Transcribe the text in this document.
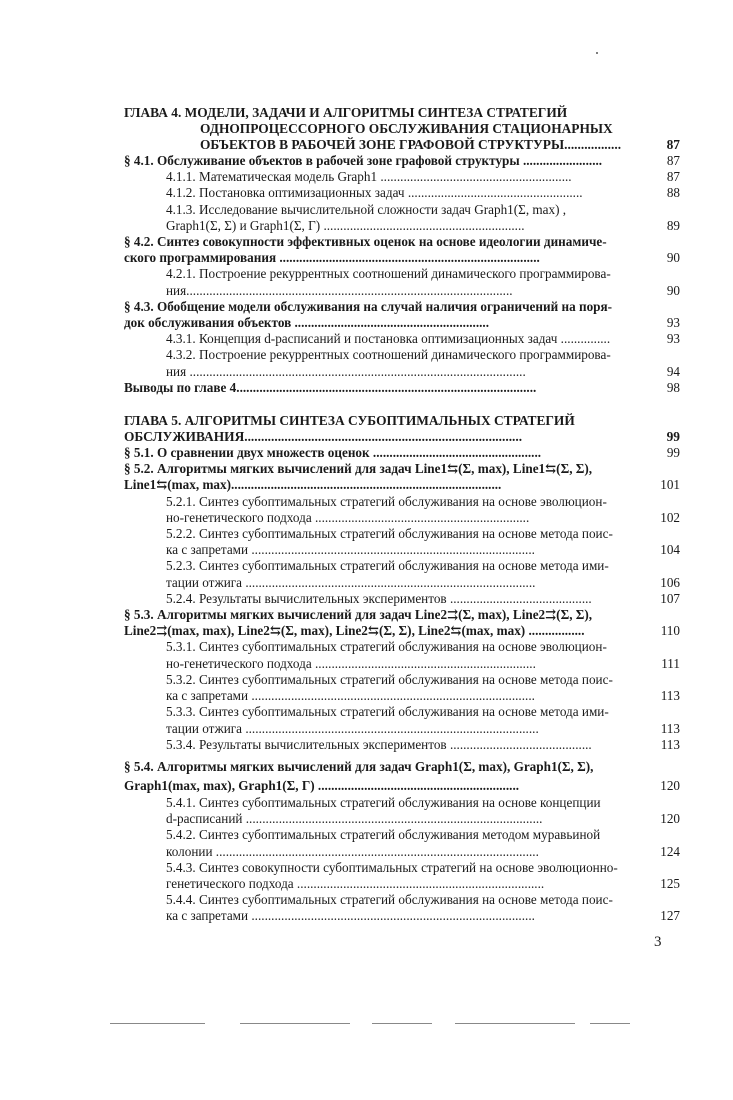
ГЛАВА 4. МОДЕЛИ, ЗАДАЧИ И АЛГОРИТМЫ СИНТЕЗА СТРАТЕГИЙ
ОДНОПРОЦЕССОРНОГО ОБСЛУЖИВАНИЯ СТАЦИОНАРНЫХ
ОБЪЕКТОВ В РАБОЧЕЙ ЗОНЕ ГРАФОВОЙ СТРУКТУРЫ.................	87
§ 4.1. Обслуживание объектов в рабочей зоне графовой структуры ........................	87
4.1.1. Математическая модель Graph1 ..........................................................	87
4.1.2. Постановка оптимизационных задач .....................................................	88
4.1.3. Исследование вычислительной сложности задач Graph1(Σ, max) ,
Graph1(Σ, Σ) и Graph1(Σ, Γ) .............................................................	89
§ 4.2. Синтез совокупности эффективных оценок на основе идеологии динамиче-
ского программирования ...............................................................................	90
4.2.1. Построение рекуррентных соотношений динамического программирова-
ния...................................................................................................	90
§ 4.3. Обобщение модели обслуживания на случай наличия ограничений на поря-
док обслуживания объектов ...........................................................	93
4.3.1. Концепция d-расписаний и постановка оптимизационных задач ...............	93
4.3.2. Построение рекуррентных соотношений динамического программирова-
ния ......................................................................................................	94
Выводы по главе 4...........................................................................................	98
ГЛАВА 5. АЛГОРИТМЫ СИНТЕЗА СУБОПТИМАЛЬНЫХ СТРАТЕГИЙ
ОБСЛУЖИВАНИЯ...................................................................................	99
§ 5.1. О сравнении двух множеств оценок ...................................................	99
§ 5.2. Алгоритмы мягких вычислений для задач Line1⇆(Σ, max), Line1⇆(Σ, Σ),
Line1⇆(max, max)..................................................................................	101
5.2.1. Синтез субоптимальных стратегий обслуживания на основе эволюцион-
но-генетического подхода .................................................................	102
5.2.2. Синтез субоптимальных стратегий обслуживания на основе метода поис-
ка с запретами ......................................................................................	104
5.2.3. Синтез субоптимальных стратегий обслуживания на основе метода ими-
тации отжига ........................................................................................	106
5.2.4. Результаты вычислительных экспериментов ...........................................	107
§ 5.3. Алгоритмы мягких вычислений для задач Line2⇉(Σ, max), Line2⇉(Σ, Σ),
Line2⇉(max, max), Line2⇆(Σ, max), Line2⇆(Σ, Σ), Line2⇆(max, max) .................	110
5.3.1. Синтез субоптимальных стратегий обслуживания на основе эволюцион-
но-генетического подхода ...................................................................	111
5.3.2. Синтез субоптимальных стратегий обслуживания на основе метода поис-
ка с запретами ......................................................................................	113
5.3.3. Синтез субоптимальных стратегий обслуживания на основе метода ими-
тации отжига .........................................................................................	113
5.3.4. Результаты вычислительных экспериментов ...........................................	113
§ 5.4. Алгоритмы мягких вычислений для задач Graph1(Σ, max), Graph1(Σ, Σ),
Graph1(max, max), Graph1(Σ, Γ) .............................................................	120
5.4.1. Синтез субоптимальных стратегий обслуживания на основе концепции
d-расписаний ..........................................................................................	120
5.4.2. Синтез субоптимальных стратегий обслуживания методом муравьиной
колонии ..................................................................................................	124
5.4.3. Синтез совокупности субоптимальных стратегий на основе эволюционно-
генетического подхода ...........................................................................	125
5.4.4. Синтез субоптимальных стратегий обслуживания на основе метода поис-
ка с запретами ......................................................................................	127
3
